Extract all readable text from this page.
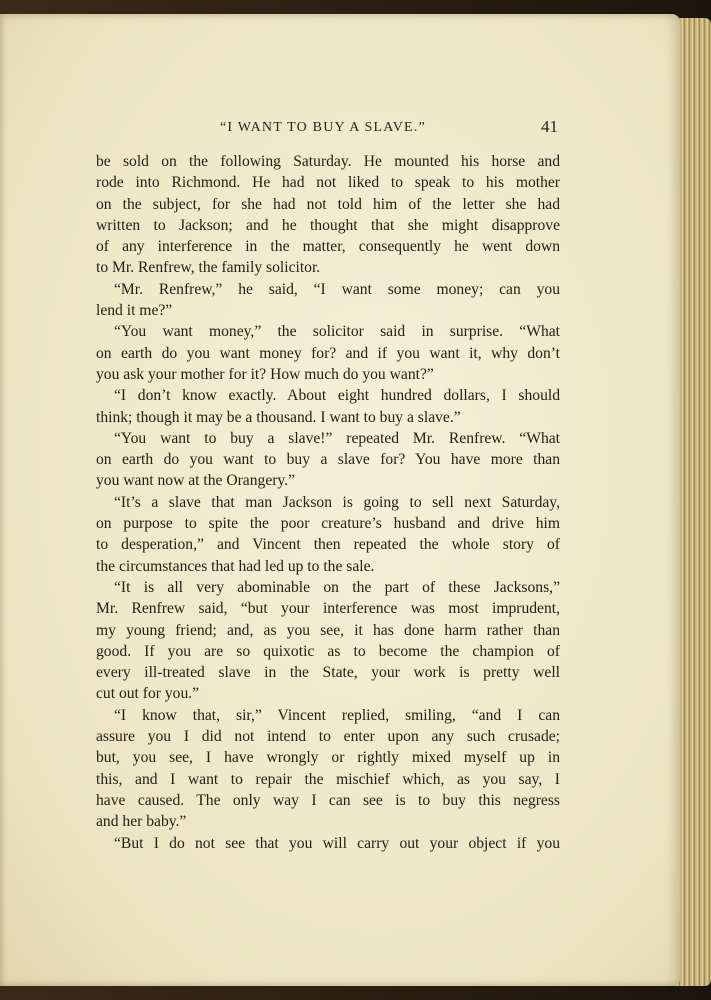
“I WANT TO BUY A SLAVE.”	41
be sold on the following Saturday. He mounted his horse and
rode into Richmond. He had not liked to speak to his mother
on the subject, for she had not told him of the letter she had
written to Jackson; and he thought that she might disapprove
of any interference in the matter, consequently he went down
to Mr. Renfrew, the family solicitor.
“Mr. Renfrew,” he said, “I want some money; can you
lend it me?”
“You want money,” the solicitor said in surprise. “What
on earth do you want money for? and if you want it, why don’t
you ask your mother for it? How much do you want?”
“I don’t know exactly. About eight hundred dollars, I should
think; though it may be a thousand. I want to buy a slave.”
“You want to buy a slave!” repeated Mr. Renfrew. “What
on earth do you want to buy a slave for? You have more than
you want now at the Orangery.”
“It’s a slave that man Jackson is going to sell next Saturday,
on purpose to spite the poor creature’s husband and drive him
to desperation,” and Vincent then repeated the whole story of
the circumstances that had led up to the sale.
“It is all very abominable on the part of these Jacksons,”
Mr. Renfrew said, “but your interference was most imprudent,
my young friend; and, as you see, it has done harm rather than
good. If you are so quixotic as to become the champion of
every ill-treated slave in the State, your work is pretty well
cut out for you.”
“I know that, sir,” Vincent replied, smiling, “and I can
assure you I did not intend to enter upon any such crusade;
but, you see, I have wrongly or rightly mixed myself up in
this, and I want to repair the mischief which, as you say, I
have caused. The only way I can see is to buy this negress
and her baby.”
“But I do not see that you will carry out your object if you
